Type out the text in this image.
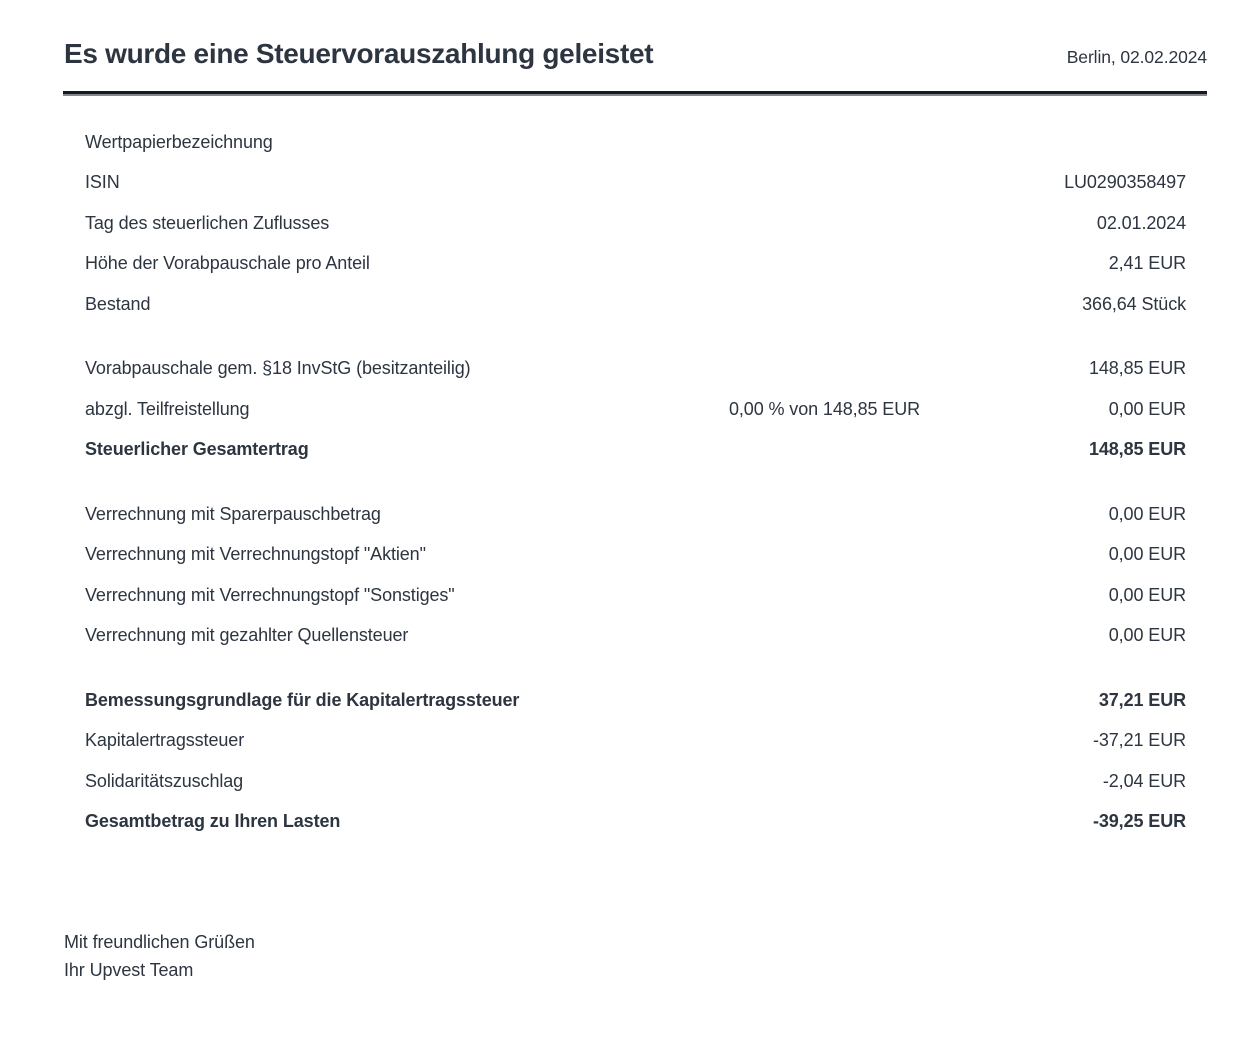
Es wurde eine Steuervorauszahlung geleistet	Berlin, 02.02.2024
Wertpapierbezeichnung
ISIN	LU0290358497
Tag des steuerlichen Zuflusses	02.01.2024
Höhe der Vorabpauschale pro Anteil	2,41 EUR
Bestand	366,64 Stück
Vorabpauschale gem. §18 InvStG (besitzanteilig)	148,85 EUR
abzgl. Teilfreistellung	0,00 % von 148,85 EUR	0,00 EUR
Steuerlicher Gesamtertrag	148,85 EUR
Verrechnung mit Sparerpauschbetrag	0,00 EUR
Verrechnung mit Verrechnungstopf "Aktien"	0,00 EUR
Verrechnung mit Verrechnungstopf "Sonstiges"	0,00 EUR
Verrechnung mit gezahlter Quellensteuer	0,00 EUR
Bemessungsgrundlage für die Kapitalertragssteuer	37,21 EUR
Kapitalertragssteuer	-37,21 EUR
Solidaritätszuschlag	-2,04 EUR
Gesamtbetrag zu Ihren Lasten	-39,25 EUR
Mit freundlichen Grüßen
Ihr Upvest Team
